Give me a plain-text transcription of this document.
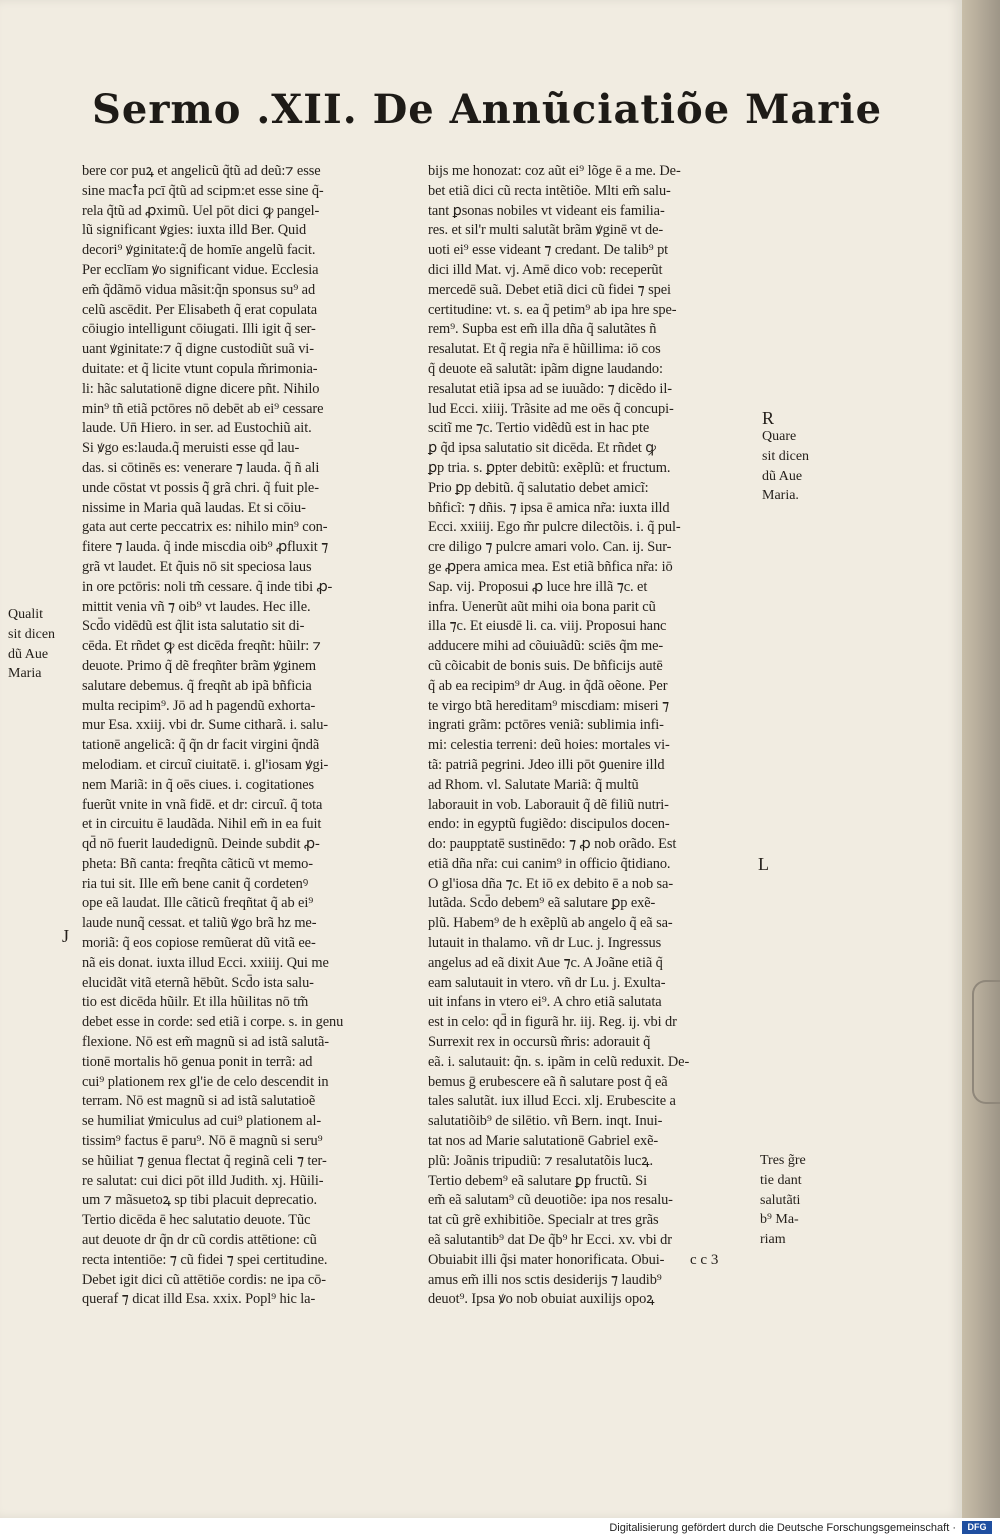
Sermo .XII. De Annũciatiõe Marie
bere cor puꝝ et angelicũ q̃tũ ad deũ:⁊ esse
sine macꝉa pcī q̃tũ ad scipm:et esse sine q̃-
rela q̃tũ ad ꝓximũ. Uel pōt dici ꝙ pangel-
lũ significant ꝟgies: iuxta illd Ber. Quid
decori⁹ ꝟginitate:q̃ de homīe angelũ facit.
Per ecclīam ꝟo significant vidue. Ecclesia
em̃ q̃dãmō vidua mãsit:q̃n sponsus su⁹ ad
celũ ascēdit. Per Elisabeth q̃ erat copulata
cōiugio intelligunt cōiugati. Illi igit q̃ ser-
uant ꝟginitate:⁊ q̃ digne custodiũt suã vi-
duitate: et q̃ licite vtunt copula m̃rimonia-
li: hãc salutationē digne dicere pñt. Nihilo
min⁹ tñ etiã pctōres nō debēt ab ei⁹ cessare
laude. Un̄ Hiero. in ser. ad Eustochiũ ait.
Si ꝟgo es:lauda.q̃ meruisti esse qd̄ lau-
das. si cōtinēs es: venerare ⁊ lauda. q̃ ñ ali
unde cōstat vt possis q̃̃ grã chri. q̃ fuit ple-
nissime in Maria quã laudas. Et si cōiu-
gata aut certe peccatrix es: nihilo min⁹ con-
fitere ⁊ lauda. q̃ inde miscdia oib⁹ ꝓfluxit ⁊
grã vt laudet. Et q̃uis nō sit speciosa laus
in ore pctōris: noli tm̃ cessare. q̃ inde tibi ꝓ-
mittit venia vñ ⁊ oib⁹ vt laudes. Hec ille.
Scd̄o vidēdũ est q̃lit ista salutatio sit di-
cēda. Et rñdet ꝙ est dicēda freqñt: hũilr: ⁊
deuote. Primo q̃ dẽ freqñter brãm ꝟginem
salutare debemus. q̃ freqñt ab ipã bñficia
multa recipim⁹. Jō ad h pagendũ exhorta-
mur Esa. xxiij. vbi dr. Sume citharã. i. salu-
tationē angelicã: q̃ q̃n dr facit virgini q̃ndã
melodiam. et circuĩ ciuitatē. i. gl'iosam ꝟgi-
nem Mariã: in q̃ oēs ciues. i. cogitationes
fuerũt vnite in vnã fidē. et dr: circuĩ. q̃ tota
et in circuitu ē laudãda. Nihil em̃ in ea fuit
qd̄ nō fuerit laudedignũ. Deinde subdit ꝓ-
pheta: Bñ canta: freqñta cãticũ vt memo-
ria tui sit. Ille em̃ bene canit q̃ cordetenꝰ
ope eã laudat. Ille cãticũ freqñtat q̃ ab ei⁹
laude nunq̃ cessat. et taliũ ꝟgo brã hz me-
moriã: q̃ eos copiose remũerat dũ vitã ee-
nã eis donat. iuxta illud Ecci. xxiiij. Qui me
elucidãt vitã eternã hēbũt. Scd̄o ista salu-
tio est dicēda hũilr. Et illa hũilitas nō tm̃
debet esse in corde: sed etiã i corpe. s. in genu
flexione. Nō est em̃ magnũ si ad istã salutã-
tionē mortalis hō genua ponit in terrã: ad
cui⁹ plationem rex gl'ie de celo descendit in
terram. Nō est magnũ si ad istã salutatioẽ
se humiliat ꝟmiculus ad cui⁹ plationem al-
tissim⁹ factus ē paru⁹. Nō ē magnũ si seru⁹
se hũiliat ⁊ genua flectat q̃ reginã celi ⁊ ter-
re salutat: cui dici pōt illd Judith. xj. Hũili-
um ⁊ mãsuetoꝝ sp tibi placuit deprecatio.
Tertio dicēda ē hec salutatio deuote. Tũc
aut deuote dr q̃n dr cũ cordis attētione: cũ
recta intentiōe: ⁊ cũ fidei ⁊ spei certitudine.
Debet igit dici cũ attētiōe cordis: ne ipa cō-
queraf ⁊ dicat illd Esa. xxix. Popl⁹ hic la-
bijs me honozat: coz aũt ei⁹ lõge ē a me. De-
bet etiã dici cũ recta intẽtiõe. Mlti em̃ salu-
tant ꝑsonas nobiles vt videant eis familia-
res. et sil'r multi salutãt brãm ꝟginē vt de-
uoti ei⁹ esse videant ⁊ credant. De talib⁹ pt
dici illd Mat. vj. Amē dico vob: receperũt
mercedē suã. Debet etiã dici cũ fidei ⁊ spei
certitudine: vt. s. ea q̃ petim⁹ ab ipa hre spe-
rem⁹. Supba est em̃ illa dña q̃ salutãtes ñ
resalutat. Et q̃ regia nr̃a ē hũillima: iō cos
q̃ deuote eã salutãt: ipãm digne laudando:
resalutat etiã ipsa ad se iuuãdo: ⁊ dicẽdo il-
lud Ecci. xiiij. Trãsite ad me oēs q̃ concupi-
scitĩ me ⁊c. Tertio vidẽdũ est in hac pte
ꝑ q̃d ipsa salutatio sit dicēda. Et rñdet ꝙ
ꝑp tria. s. ꝑpter debitũ: exẽplũ: et fructum.
Prio ꝑp debitũ. q̃ salutatio debet amicĩ:
bñficĩ: ⁊ dñis. ⁊ ipsa ē amica nr̃a: iuxta illd
Ecci. xxiiij. Ego m̃r pulcre dilectõis. i. q̃ pul-
cre diligo ⁊ pulcre amari volo. Can. ij. Sur-
ge ꝓpera amica mea. Est etiã bñfica nr̃a: iō
Sap. vij. Proposui ꝓ luce hre illã ⁊c. et
infra. Uenerũt aũt mihi oia bona parit cũ
illa ⁊c. Et eiusdē li. ca. viij. Proposui hanc
adducere mihi ad cõuiuãdũ: sciēs q̃m me-
cũ cõicabit de bonis suis. De bñficijs autē
q̃ ab ea recipim⁹ dr Aug. in q̃dã oẽone. Per
te virgo btã hereditam⁹ miscdiam: miseri ⁊
ingrati grãm: pctōres veniã: sublimia infi-
mi: celestia terreni: deũ hoies: mortales vi-
tã: patriã pegrini. Jdeo illi pōt ꝯuenire illd
ad Rhom. vl. Salutate Mariã: q̃ multũ
laborauit in vob. Laborauit q̃ dẽ filiũ nutri-
endo: in egyptũ fugiẽdo: discipulos docen-
do: paupptatē sustinēdo: ⁊ ꝓ nob orãdo. Est
etiã dña nr̃a: cui canim⁹ in officio q̃tidiano.
O gl'iosa dña ⁊c. Et iō ex debito ē a nob sa-
lutãda. Scd̄o debem⁹ eã salutare ꝑp exẽ-
plũ. Habem⁹ de h exẽplũ ab angelo q̃ eã sa-
lutauit in thalamo. vñ dr Luc. j. Ingressus
angelus ad eã dixit Aue ⁊c. A Joãne etiã q̃
eam salutauit in vtero. vñ dr Lu. j. Exulta-
uit infans in vtero ei⁹. A chro etiã salutata
est in celo: qd̄ in figurã hr. iij. Reg. ij. vbi dr
Surrexit rex in occursũ m̃ris: adorauit q̃
eã. i. salutauit: q̃n. s. ipãm in celũ reduxit. De-
bemus ḡ erubescere eã ñ salutare post q̃ eã
tales salutãt. iux illud Ecci. xlj. Erubescite a
salutatiõib⁹ de silētio. vñ Bern. inqt. Inui-
tat nos ad Marie salutationē Gabriel exẽ-
plũ: Joãnis tripudiũ: ⁊ resalutatõis lucꝝ.
Tertio debem⁹ eã salutare ꝑp fructũ. Si
em̃ eã salutam⁹ cũ deuotiõe: ipa nos resalu-
tat cũ grẽ exhibitiõe. Specialr at tres grãs
eã salutantib⁹ dat De q̃b⁹ hr Ecci. xv. vbi dr
Obuiabit illi q̃si mater honorificata. Obui-
amus em̃ illi nos sctis desiderijs ⁊ laudib⁹
deuot⁹. Ipsa ꝟo nob obuiat auxilijs opoꝝ
Qualit
sit dicen
dũ Aue
Maria
Quare
sit dicen
dũ Aue
Maria.
Tres g̃re
tie dant
salutãti
b⁹ Ma-
riam
R
J
L
c c 3
Digitalisierung gefördert durch die Deutsche Forschungsgemeinschaft ·	DFG
